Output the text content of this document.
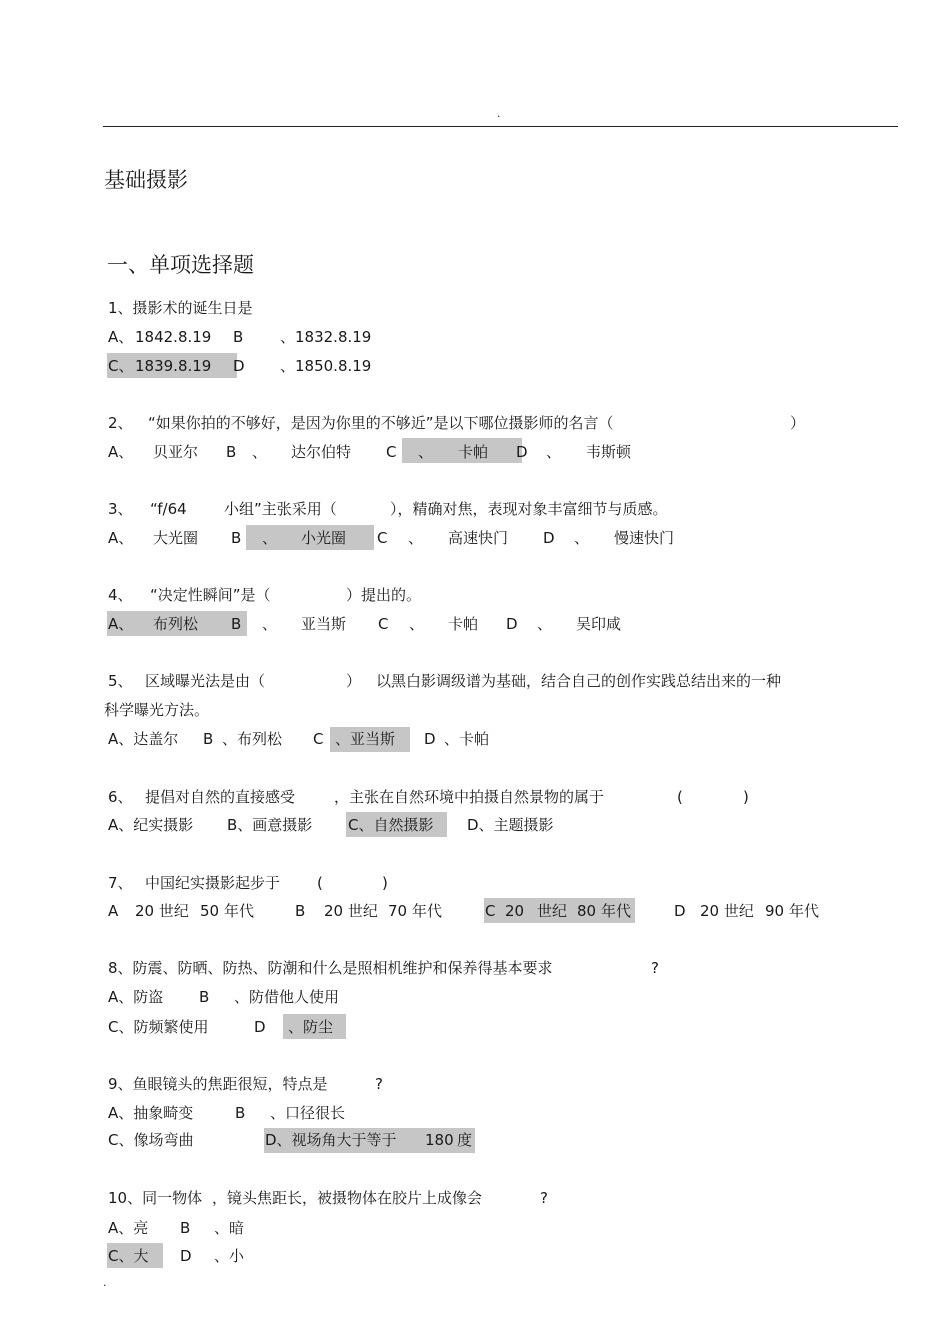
.
基础摄影
一、单项选择题
1、摄影术的诞生日是
A、 1842.8.19 B 、1832.8.19
C、 1839.8.19 D 、1850.8.19
2、 “如果你拍的不够好，是因为你里的不够近”是以下哪位摄影师的名言（	）
A、 贝亚尔 B 、 达尔伯特 C 、 卡帕 D 、 韦斯顿
3、 “f/64 小组”主张采用（	），精确对焦，表现对象丰富细节与质感。
A、 大光圈 B 、 小光圈 C 、 高速快门 D 、 慢速快门
4、 “决定性瞬间”是（	）提出的。
A、 布列松 B 、 亚当斯 C 、 卡帕 D 、 吴印咸
5、 区域曝光法是由（	） 以黑白影调级谱为基础，结合自己的创作实践总结出来的一种
科学曝光方法。
A、达盖尔 B 、布列松 C 、亚当斯 D 、卡帕
6、 提倡对自然的直接感受	，主张在自然环境中拍摄自然景物的属于	(	)
A、纪实摄影 B、画意摄影 C、自然摄影 D、主题摄影
7、 中国纪实摄影起步于 (	)
A 20 世纪 50 年代	B 20 世纪 70 年代	C 20 世纪 80 年代	D 20 世纪 90 年代
8、防震、防晒、防热、防潮和什么是照相机维护和保养得基本要求	?
A、防盗 B 、防借他人使用
C、防频繁使用	D 、防尘
9、鱼眼镜头的焦距很短，特点是	?
A、抽象畸变	B 、口径很长
C、像场弯曲	D、视场角大于等于 180 度
10、同一物体 ，镜头焦距长，被摄物体在胶片上成像会	?
A、亮 B 、暗
C、大 D 、小
.
